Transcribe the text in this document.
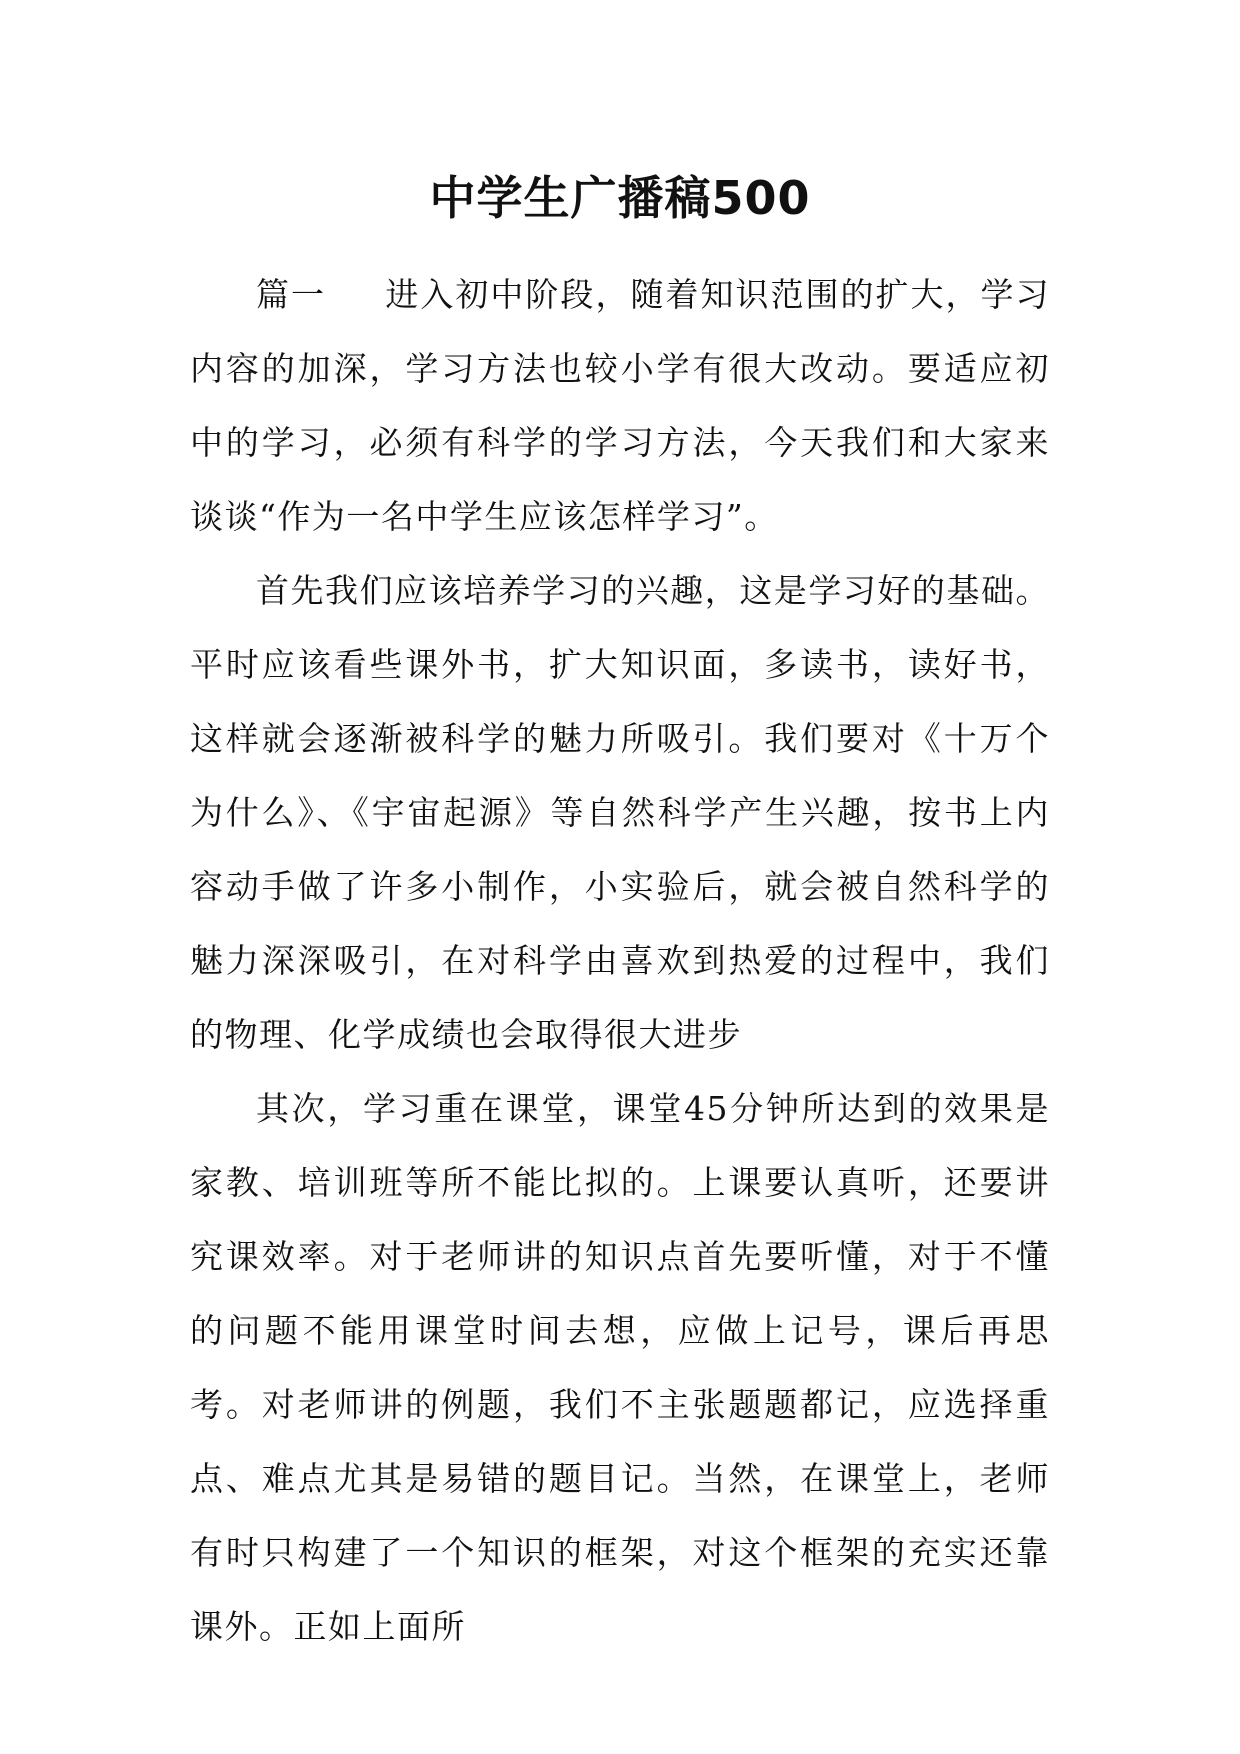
中学生广播稿500

篇一 进入初中阶段，随着知识范围的扩大，学习内容的加深，学习方法也较小学有很大改动。要适应初中的学习，必须有科学的学习方法，今天我们和大家来谈谈“作为一名中学生应该怎样学习”。

首先我们应该培养学习的兴趣，这是学习好的基础。平时应该看些课外书，扩大知识面，多读书，读好书，这样就会逐渐被科学的魅力所吸引。我们要对《十万个为什么》、《宇宙起源》等自然科学产生兴趣，按书上内容动手做了许多小制作，小实验后，就会被自然科学的魅力深深吸引，在对科学由喜欢到热爱的过程中，我们的物理、化学成绩也会取得很大进步

其次，学习重在课堂，课堂45分钟所达到的效果是家教、培训班等所不能比拟的。上课要认真听，还要讲究课效率。对于老师讲的知识点首先要听懂，对于不懂的问题不能用课堂时间去想，应做上记号，课后再思考。对老师讲的例题，我们不主张题题都记，应选择重点、难点尤其是易错的题目记。当然，在课堂上，老师有时只构建了一个知识的框架，对这个框架的充实还靠课外。正如上面所
